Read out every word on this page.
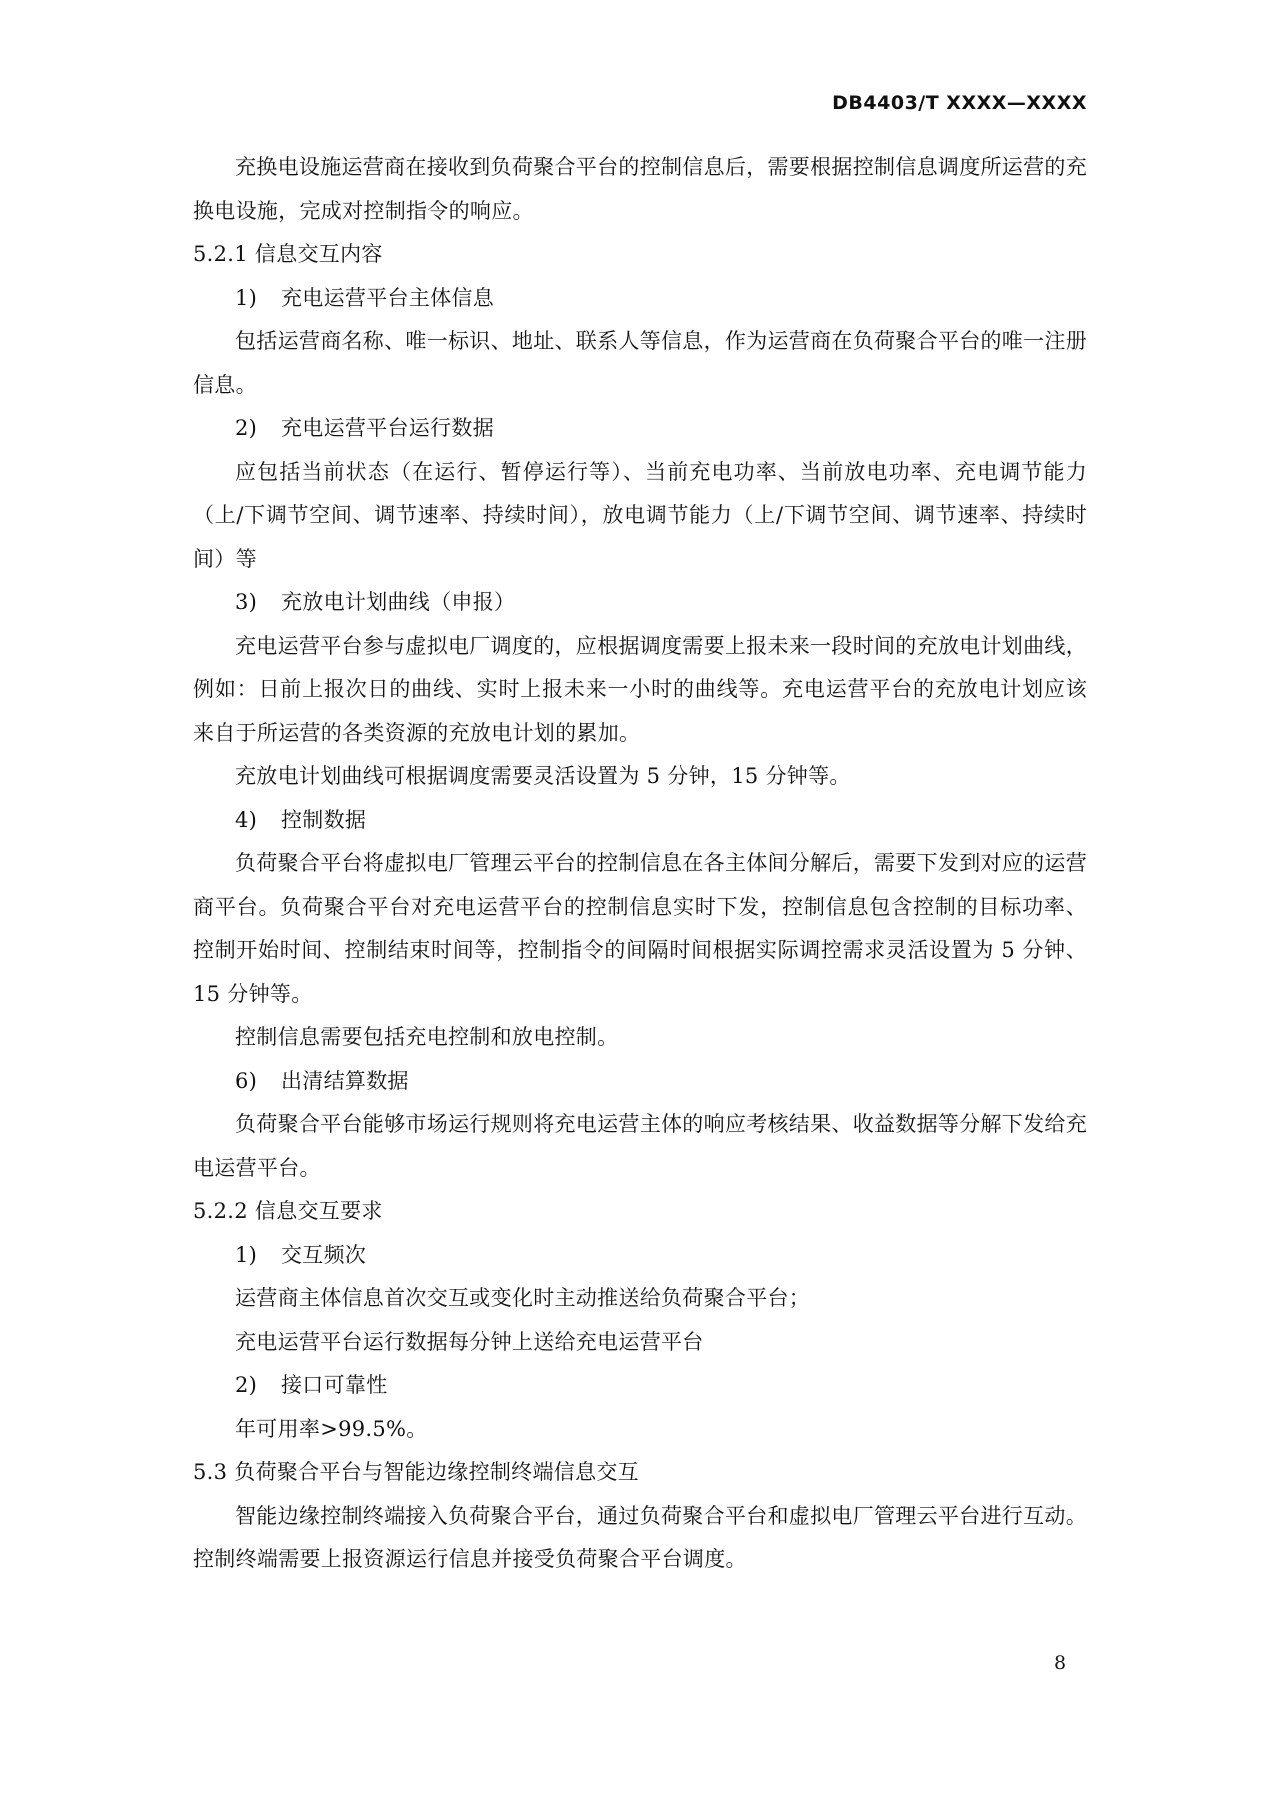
DB4403/T XXXX—XXXX

充换电设施运营商在接收到负荷聚合平台的控制信息后，需要根据控制信息调度所运营的充换电设施，完成对控制指令的响应。

5.2.1 信息交互内容

1) 充电运营平台主体信息

包括运营商名称、唯一标识、地址、联系人等信息，作为运营商在负荷聚合平台的唯一注册信息。

2) 充电运营平台运行数据

应包括当前状态（在运行、暂停运行等）、当前充电功率、当前放电功率、充电调节能力（上/下调节空间、调节速率、持续时间），放电调节能力（上/下调节空间、调节速率、持续时间）等

3) 充放电计划曲线（申报）

充电运营平台参与虚拟电厂调度的，应根据调度需要上报未来一段时间的充放电计划曲线，例如：日前上报次日的曲线、实时上报未来一小时的曲线等。充电运营平台的充放电计划应该来自于所运营的各类资源的充放电计划的累加。

充放电计划曲线可根据调度需要灵活设置为 5 分钟，15 分钟等。

4) 控制数据

负荷聚合平台将虚拟电厂管理云平台的控制信息在各主体间分解后，需要下发到对应的运营商平台。负荷聚合平台对充电运营平台的控制信息实时下发，控制信息包含控制的目标功率、控制开始时间、控制结束时间等，控制指令的间隔时间根据实际调控需求灵活设置为 5 分钟、15 分钟等。

控制信息需要包括充电控制和放电控制。

6) 出清结算数据

负荷聚合平台能够市场运行规则将充电运营主体的响应考核结果、收益数据等分解下发给充电运营平台。

5.2.2 信息交互要求

1) 交互频次

运营商主体信息首次交互或变化时主动推送给负荷聚合平台；

充电运营平台运行数据每分钟上送给充电运营平台

2) 接口可靠性

年可用率>99.5%。

5.3 负荷聚合平台与智能边缘控制终端信息交互

智能边缘控制终端接入负荷聚合平台，通过负荷聚合平台和虚拟电厂管理云平台进行互动。控制终端需要上报资源运行信息并接受负荷聚合平台调度。

8
